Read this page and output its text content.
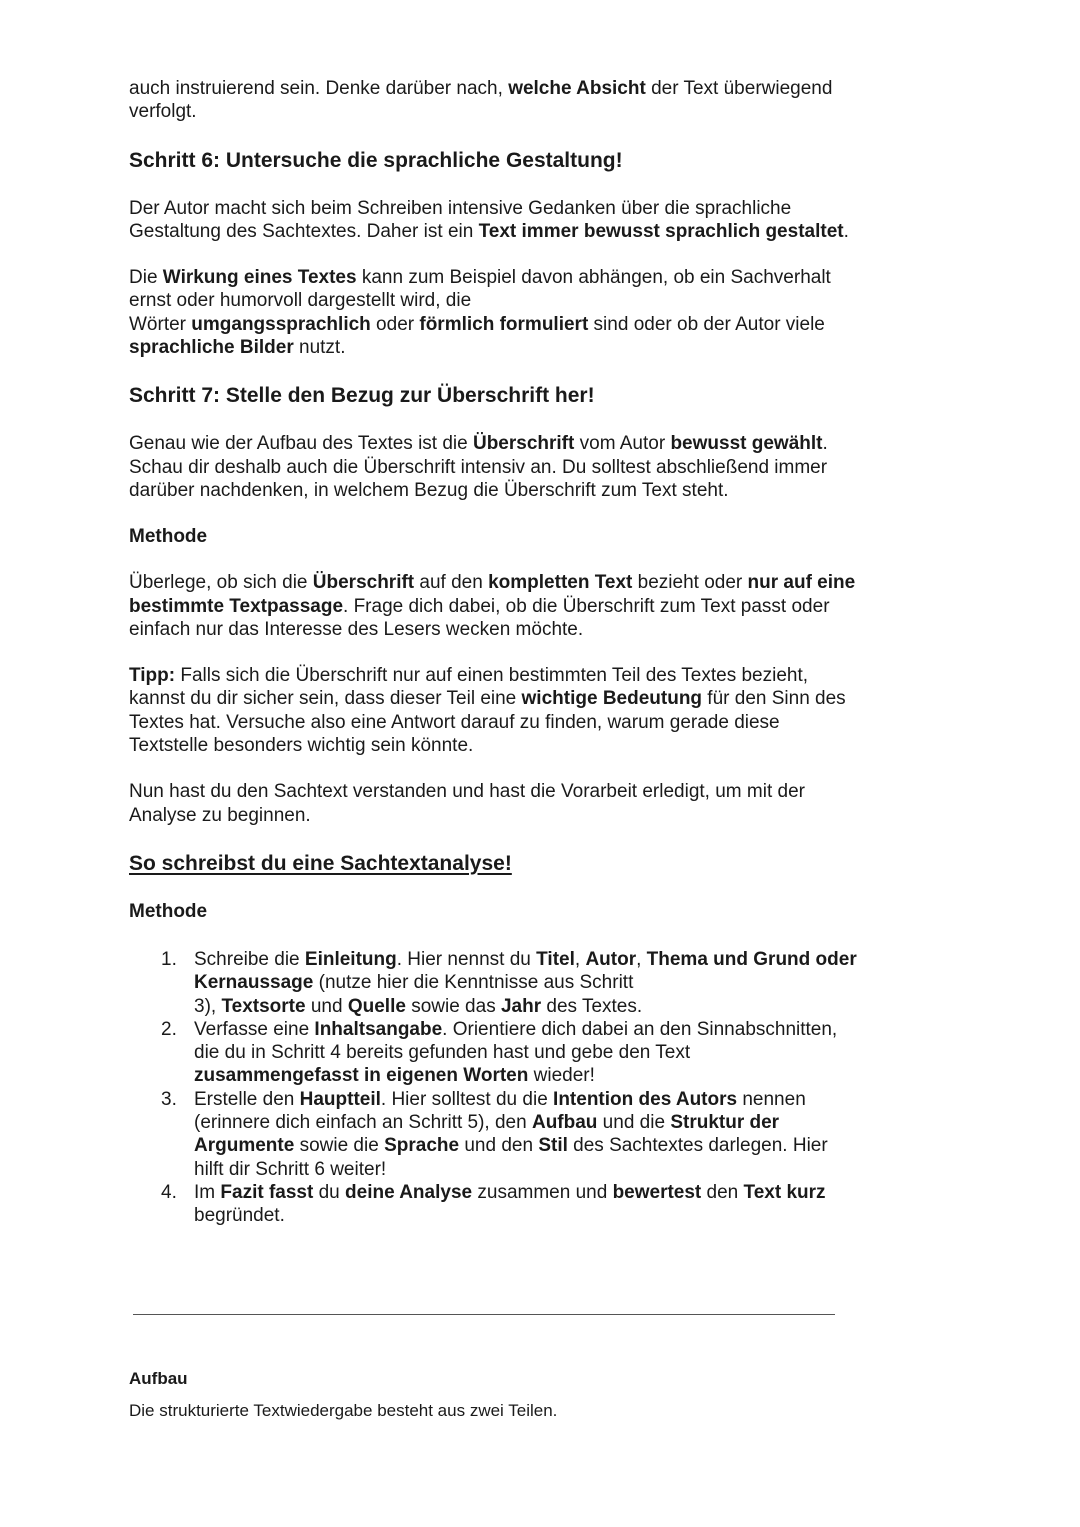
auch instruierend sein. Denke darüber nach, welche Absicht der Text überwiegend verfolgt.

Schritt 6: Untersuche die sprachliche Gestaltung!

Der Autor macht sich beim Schreiben intensive Gedanken über die sprachliche Gestaltung des Sachtextes. Daher ist ein Text immer bewusst sprachlich gestaltet.

Die Wirkung eines Textes kann zum Beispiel davon abhängen, ob ein Sachverhalt ernst oder humorvoll dargestellt wird, die
Wörter umgangssprachlich oder förmlich formuliert sind oder ob der Autor viele sprachliche Bilder nutzt.

Schritt 7: Stelle den Bezug zur Überschrift her!

Genau wie der Aufbau des Textes ist die Überschrift vom Autor bewusst gewählt. Schau dir deshalb auch die Überschrift intensiv an. Du solltest abschließend immer darüber nachdenken, in welchem Bezug die Überschrift zum Text steht.

Methode

Überlege, ob sich die Überschrift auf den kompletten Text bezieht oder nur auf eine bestimmte Textpassage. Frage dich dabei, ob die Überschrift zum Text passt oder einfach nur das Interesse des Lesers wecken möchte.

Tipp: Falls sich die Überschrift nur auf einen bestimmten Teil des Textes bezieht, kannst du dir sicher sein, dass dieser Teil eine wichtige Bedeutung für den Sinn des Textes hat. Versuche also eine Antwort darauf zu finden, warum gerade diese Textstelle besonders wichtig sein könnte.

Nun hast du den Sachtext verstanden und hast die Vorarbeit erledigt, um mit der Analyse zu beginnen.

So schreibst du eine Sachtextanalyse!
Methode
Schreibe die Einleitung. Hier nennst du Titel, Autor, Thema und Grund oder Kernaussage (nutze hier die Kenntnisse aus Schritt
3), Textsorte und Quelle sowie das Jahr des Textes.
Verfasse eine Inhaltsangabe. Orientiere dich dabei an den Sinnabschnitten, die du in Schritt 4 bereits gefunden hast und gebe den Text zusammengefasst in eigenen Worten wieder!
Erstelle den Hauptteil. Hier solltest du die Intention des Autors nennen (erinnere dich einfach an Schritt 5), den Aufbau und die Struktur der Argumente sowie die Sprache und den Stil des Sachtextes darlegen. Hier hilft dir Schritt 6 weiter!
Im Fazit fasst du deine Analyse zusammen und bewertest den Text kurz begründet.
Aufbau

Die strukturierte Textwiedergabe besteht aus zwei Teilen.
